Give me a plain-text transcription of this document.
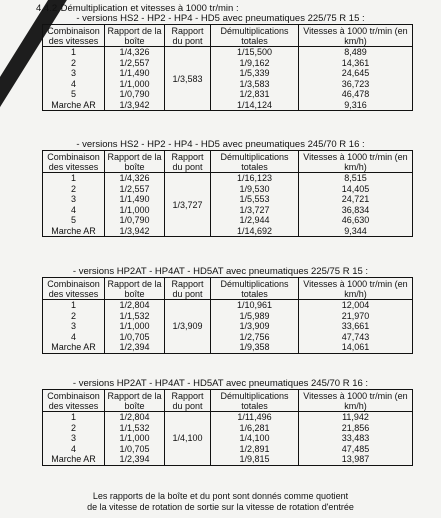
4.4.2 Démultiplication et vitesses à 1000 tr/min :
- versions HS2 - HP2 - HP4 - HD5 avec pneumatiques 225/75 R 15 :
Combinaison des vitesses	Rapport de la boîte	Rapport du pont	Démultiplications totales	Vitesses à 1000 tr/min (en km/h)
1	1/4,326	1/3,583	1/15,500	8,489
2	1/2,557		1/9,162	14,361
3	1/1,490		1/5,339	24,645
4	1/1,000		1/3,583	36,723
5	1/0,790		1/2,831	46,478
Marche AR	1/3,942		1/14,124	9,316
- versions HS2 - HP2 - HP4 - HD5 avec pneumatiques 245/70 R 16 :
Combinaison des vitesses	Rapport de la boîte	Rapport du pont	Démultiplications totales	Vitesses à 1000 tr/min (en km/h)
1	1/4,326	1/3,727	1/16,123	8,515
2	1/2,557		1/9,530	14,405
3	1/1,490		1/5,553	24,721
4	1/1,000		1/3,727	36,834
5	1/0,790		1/2,944	46,630
Marche AR	1/3,942		1/14,692	9,344
- versions HP2AT - HP4AT - HD5AT avec pneumatiques 225/75 R 15 :
Combinaison des vitesses	Rapport de la boîte	Rapport du pont	Démultiplications totales	Vitesses à 1000 tr/min (en km/h)
1	1/2,804	1/3,909	1/10,961	12,004
2	1/1,532		1/5,989	21,970
3	1/1,000		1/3,909	33,661
4	1/0,705		1/2,756	47,743
Marche AR	1/2,394		1/9,358	14,061
- versions HP2AT - HP4AT - HD5AT avec pneumatiques 245/70 R 16 :
Combinaison des vitesses	Rapport de la boîte	Rapport du pont	Démultiplications totales	Vitesses à 1000 tr/min (en km/h)
1	1/2,804	1/4,100	1/11,496	11,942
2	1/1,532		1/6,281	21,856
3	1/1,000		1/4,100	33,483
4	1/0,705		1/2,891	47,485
Marche AR	1/2,394		1/9,815	13,987
Les rapports de la boîte et du pont sont donnés comme quotient
de la vitesse de rotation de sortie sur la vitesse de rotation d'entrée
